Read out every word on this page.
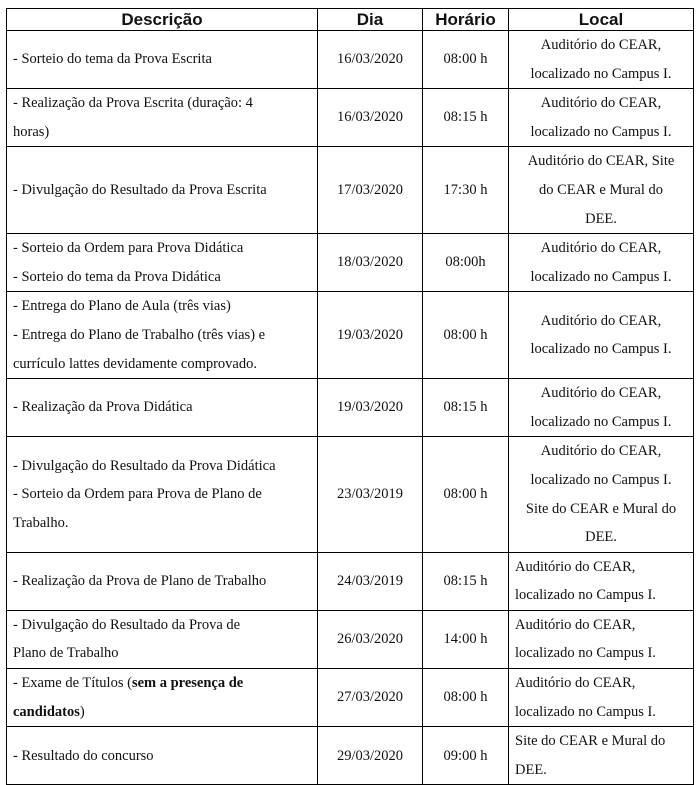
Descrição	Dia	Horário	Local

- Sorteio do tema da Prova Escrita	16/03/2020	08:00 h	Auditório do CEAR,
localizado no Campus I.

- Realização da Prova Escrita (duração: 4
horas)	16/03/2020	08:15 h	Auditório do CEAR,
localizado no Campus I.

- Divulgação do Resultado da Prova Escrita	17/03/2020	17:30 h	Auditório do CEAR, Site
do CEAR e Mural do
DEE.

- Sorteio da Ordem para Prova Didática
- Sorteio do tema da Prova Didática	18/03/2020	08:00h	Auditório do CEAR,
localizado no Campus I.

- Entrega do Plano de Aula (três vias)
- Entrega do Plano de Trabalho (três vias) e
currículo lattes devidamente comprovado.	19/03/2020	08:00 h	Auditório do CEAR,
localizado no Campus I.

- Realização da Prova Didática	19/03/2020	08:15 h	Auditório do CEAR,
localizado no Campus I.

- Divulgação do Resultado da Prova Didática
- Sorteio da Ordem para Prova de Plano de
Trabalho.	23/03/2019	08:00 h	Auditório do CEAR,
localizado no Campus I.
Site do CEAR e Mural do
DEE.

- Realização da Prova de Plano de Trabalho	24/03/2019	08:15 h	Auditório do CEAR,
localizado no Campus I.

- Divulgação do Resultado da Prova de
Plano de Trabalho	26/03/2020	14:00 h	Auditório do CEAR,
localizado no Campus I.

- Exame de Títulos (sem a presença de
candidatos)	27/03/2020	08:00 h	Auditório do CEAR,
localizado no Campus I.

- Resultado do concurso	29/03/2020	09:00 h	Site do CEAR e Mural do
DEE.
